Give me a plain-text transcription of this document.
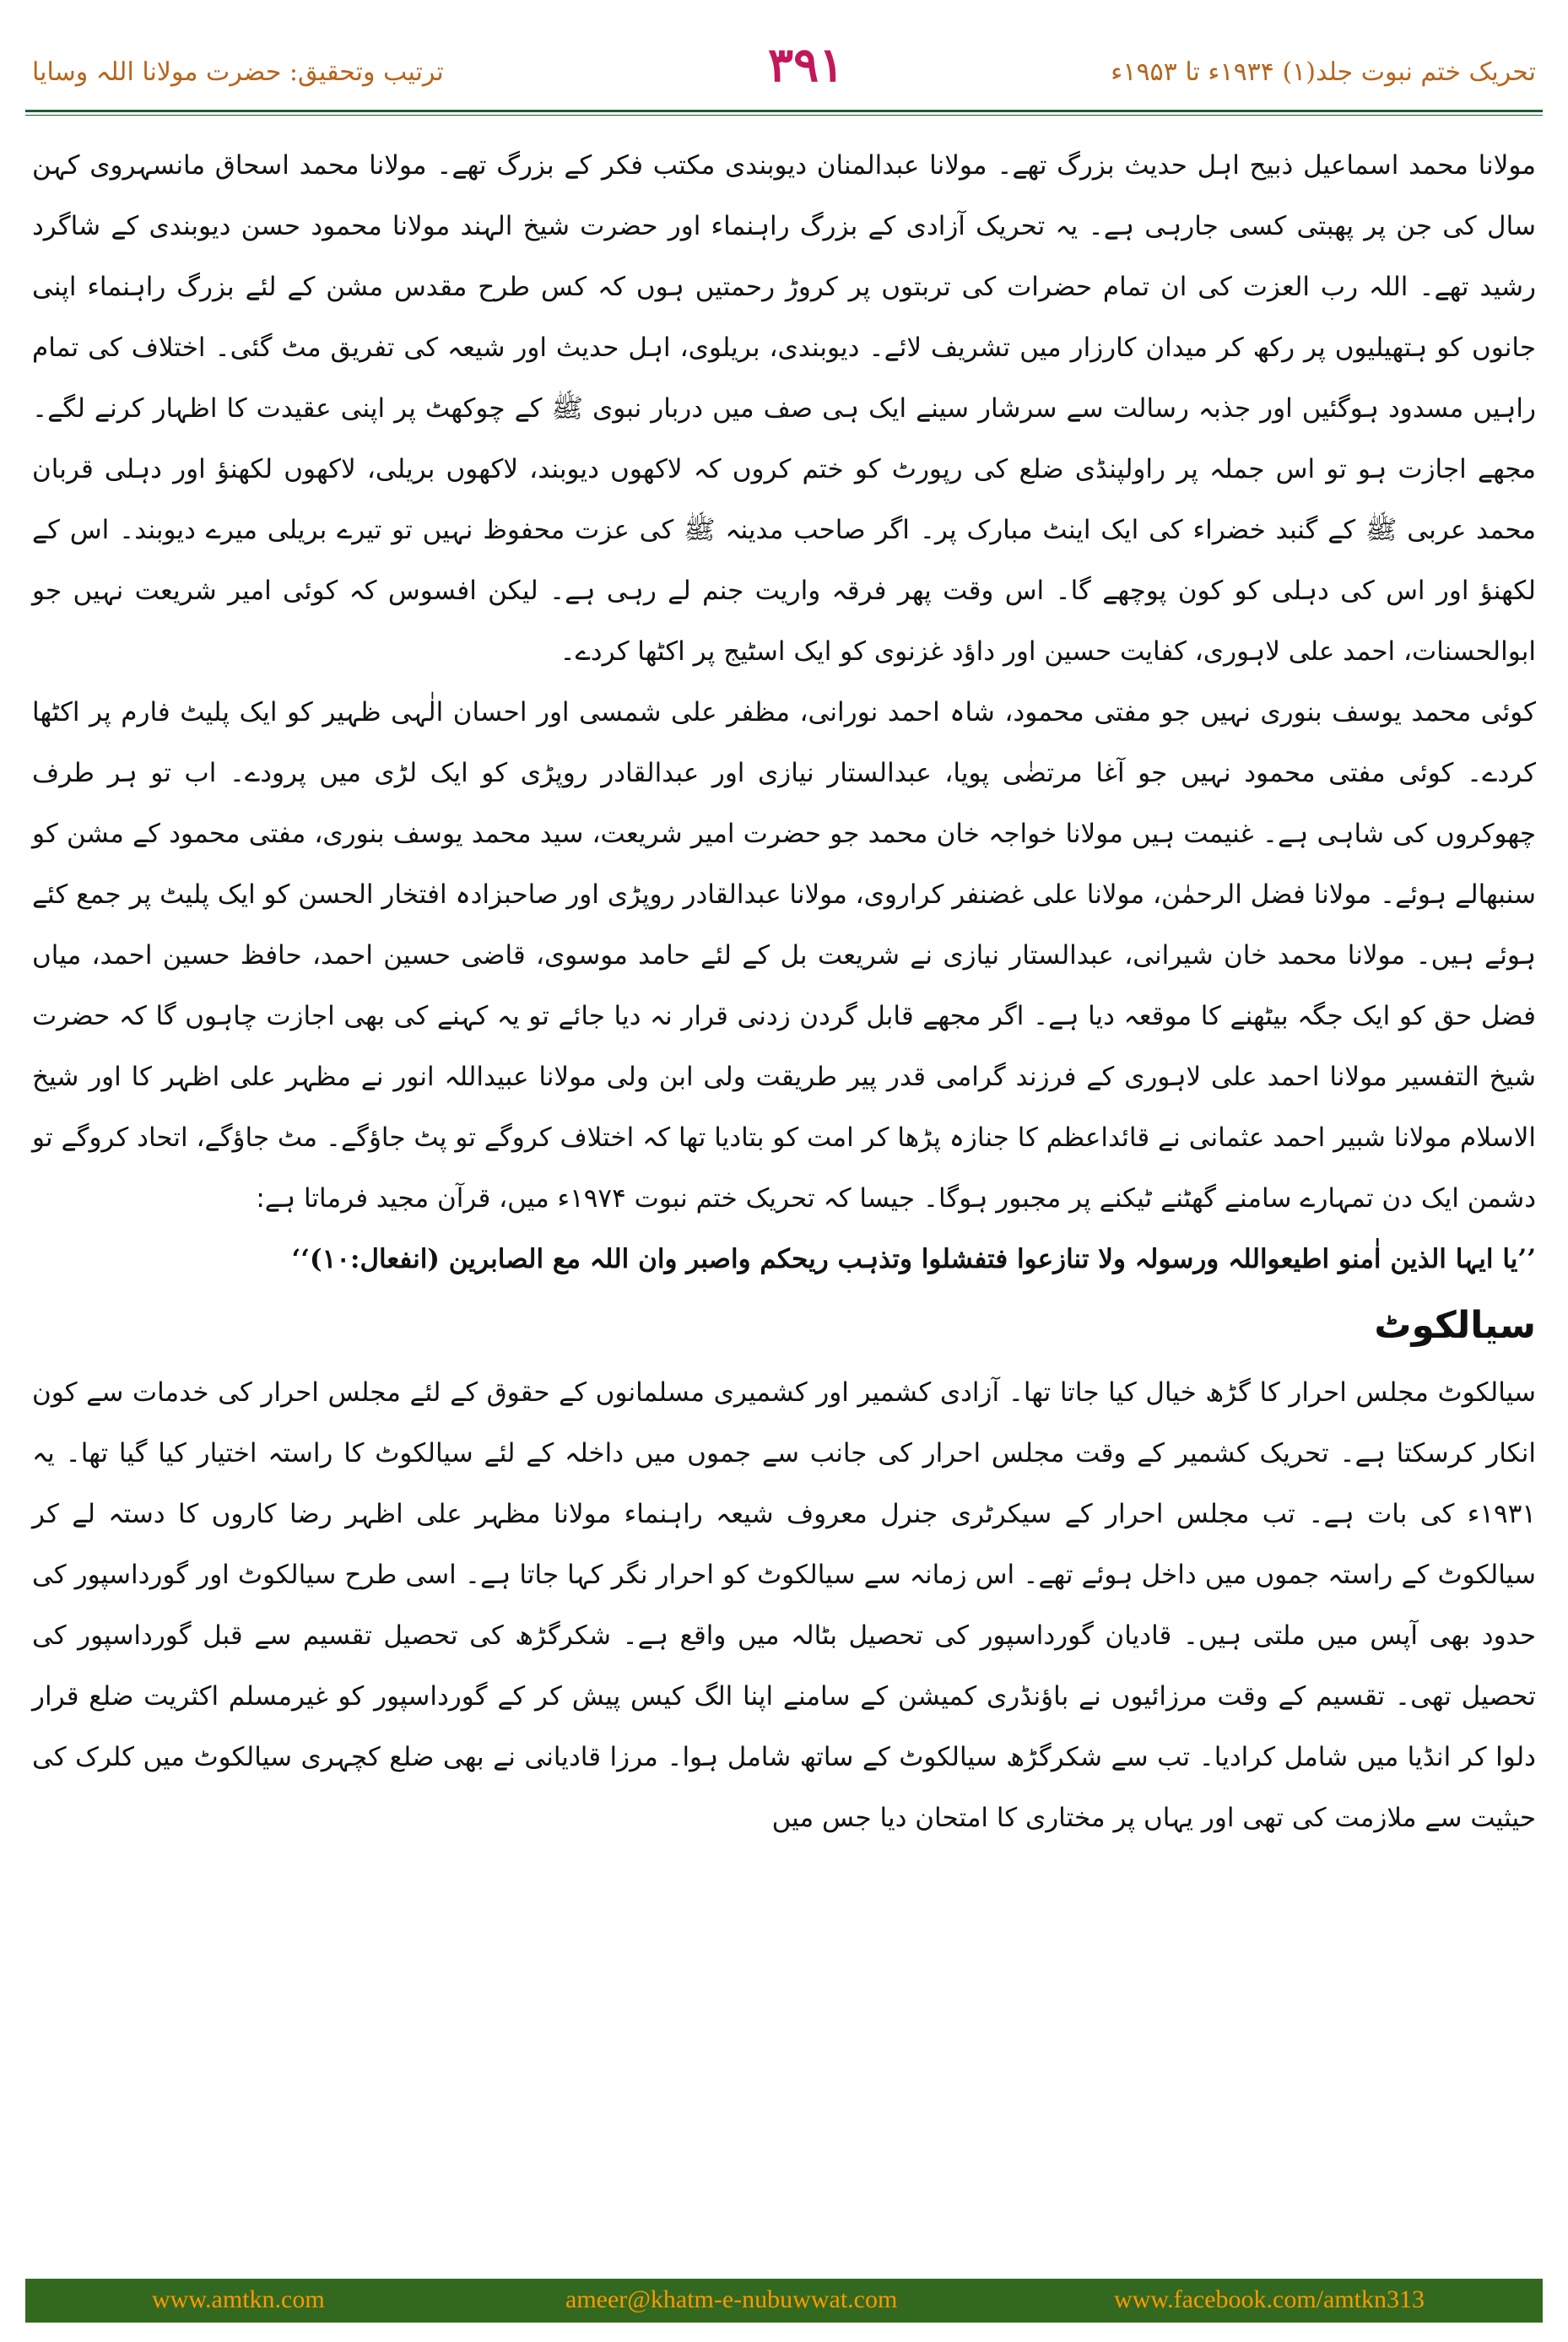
ترتیب وتحقیق: حضرت مولانا اللہ وسایا	۳۹۱	تحریک ختم نبوت جلد(۱) ۱۹۳۴ء تا ۱۹۵۳ء

مولانا محمد اسماعیل ذبیح اہل حدیث بزرگ تھے۔ مولانا عبدالمنان دیوبندی مکتب فکر کے بزرگ تھے۔ مولانا محمد اسحاق مانسہروی کہن سال کی جن پر پھبتی کسی جارہی ہے۔ یہ تحریک آزادی کے بزرگ راہنماء اور حضرت شیخ الہند مولانا محمود حسن دیوبندی کے شاگرد رشید تھے۔ اللہ رب العزت کی ان تمام حضرات کی تربتوں پر کروڑ رحمتیں ہوں کہ کس طرح مقدس مشن کے لئے بزرگ راہنماء اپنی جانوں کو ہتھیلیوں پر رکھ کر میدان کارزار میں تشریف لائے۔ دیوبندی، بریلوی، اہل حدیث اور شیعہ کی تفریق مٹ گئی۔ اختلاف کی تمام راہیں مسدود ہوگئیں اور جذبہ رسالت سے سرشار سینے ایک ہی صف میں دربار نبوی ﷺ کے چوکھٹ پر اپنی عقیدت کا اظہار کرنے لگے۔ مجھے اجازت ہو تو اس جملہ پر راولپنڈی ضلع کی رپورٹ کو ختم کروں کہ لاکھوں دیوبند، لاکھوں بریلی، لاکھوں لکھنؤ اور دہلی قربان محمد عربی ﷺ کے گنبد خضراء کی ایک اینٹ مبارک پر۔ اگر صاحب مدینہ ﷺ کی عزت محفوظ نہیں تو تیرے بریلی میرے دیوبند۔ اس کے لکھنؤ اور اس کی دہلی کو کون پوچھے گا۔ اس وقت پھر فرقہ واریت جنم لے رہی ہے۔ لیکن افسوس کہ کوئی امیر شریعت نہیں جو ابوالحسنات، احمد علی لاہوری، کفایت حسین اور داؤد غزنوی کو ایک اسٹیج پر اکٹھا کردے۔

کوئی محمد یوسف بنوری نہیں جو مفتی محمود، شاہ احمد نورانی، مظفر علی شمسی اور احسان الٰہی ظہیر کو ایک پلیٹ فارم پر اکٹھا کردے۔ کوئی مفتی محمود نہیں جو آغا مرتضٰی پویا، عبدالستار نیازی اور عبدالقادر روپڑی کو ایک لڑی میں پرودے۔ اب تو ہر طرف چھوکروں کی شاہی ہے۔ غنیمت ہیں مولانا خواجہ خان محمد جو حضرت امیر شریعت، سید محمد یوسف بنوری، مفتی محمود کے مشن کو سنبھالے ہوئے۔ مولانا فضل الرحمٰن، مولانا علی غضنفر کراروی، مولانا عبدالقادر روپڑی اور صاحبزادہ افتخار الحسن کو ایک پلیٹ پر جمع کئے ہوئے ہیں۔ مولانا محمد خان شیرانی، عبدالستار نیازی نے شریعت بل کے لئے حامد موسوی، قاضی حسین احمد، حافظ حسین احمد، میاں فضل حق کو ایک جگہ بیٹھنے کا موقعہ دیا ہے۔ اگر مجھے قابل گردن زدنی قرار نہ دیا جائے تو یہ کہنے کی بھی اجازت چاہوں گا کہ حضرت شیخ التفسیر مولانا احمد علی لاہوری کے فرزند گرامی قدر پیر طریقت ولی ابن ولی مولانا عبیداللہ انور نے مظہر علی اظہر کا اور شیخ الاسلام مولانا شبیر احمد عثمانی نے قائداعظم کا جنازہ پڑھا کر امت کو بتادیا تھا کہ اختلاف کروگے تو پٹ جاؤگے۔ مٹ جاؤگے، اتحاد کروگے تو دشمن ایک دن تمہارے سامنے گھٹنے ٹیکنے پر مجبور ہوگا۔ جیسا کہ تحریک ختم نبوت ۱۹۷۴ء میں، قرآن مجید فرماتا ہے:

’’یا ایہا الذین اٰمنو اطیعواللہ ورسولہ ولا تنازعوا فتفشلوا وتذہب ریحکم واصبر وان اللہ مع الصابرین (انفعال:۱۰)‘‘

سیالکوٹ

سیالکوٹ مجلس احرار کا گڑھ خیال کیا جاتا تھا۔ آزادی کشمیر اور کشمیری مسلمانوں کے حقوق کے لئے مجلس احرار کی خدمات سے کون انکار کرسکتا ہے۔ تحریک کشمیر کے وقت مجلس احرار کی جانب سے جموں میں داخلہ کے لئے سیالکوٹ کا راستہ اختیار کیا گیا تھا۔ یہ ۱۹۳۱ء کی بات ہے۔ تب مجلس احرار کے سیکرٹری جنرل معروف شیعہ راہنماء مولانا مظہر علی اظہر رضا کاروں کا دستہ لے کر سیالکوٹ کے راستہ جموں میں داخل ہوئے تھے۔ اس زمانہ سے سیالکوٹ کو احرار نگر کہا جاتا ہے۔ اسی طرح سیالکوٹ اور گورداسپور کی حدود بھی آپس میں ملتی ہیں۔ قادیان گورداسپور کی تحصیل بٹالہ میں واقع ہے۔ شکرگڑھ کی تحصیل تقسیم سے قبل گورداسپور کی تحصیل تھی۔ تقسیم کے وقت مرزائیوں نے باؤنڈری کمیشن کے سامنے اپنا الگ کیس پیش کر کے گورداسپور کو غیرمسلم اکثریت ضلع قرار دلوا کر انڈیا میں شامل کرادیا۔ تب سے شکرگڑھ سیالکوٹ کے ساتھ شامل ہوا۔ مرزا قادیانی نے بھی ضلع کچہری سیالکوٹ میں کلرک کی حیثیت سے ملازمت کی تھی اور یہاں پر مختاری کا امتحان دیا جس میں

www.amtkn.com	ameer@khatm-e-nubuwwat.com	www.facebook.com/amtkn313
